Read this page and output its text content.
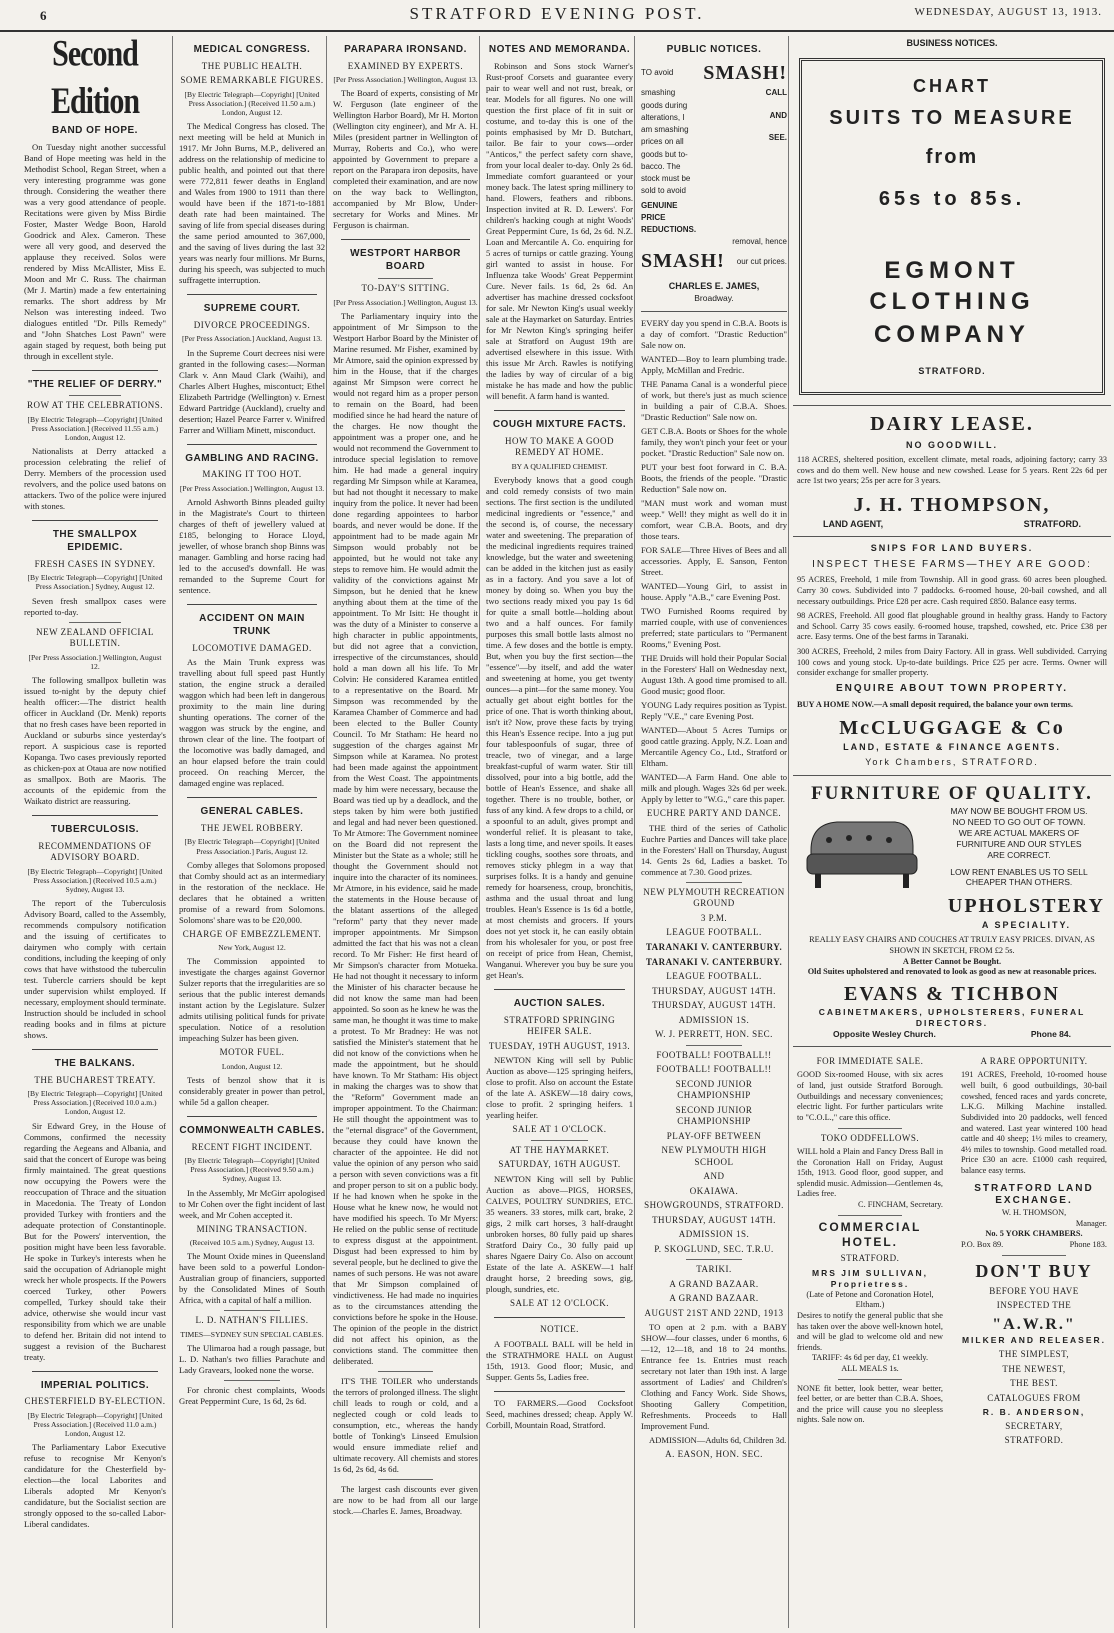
6	STRATFORD EVENING POST.	WEDNESDAY, AUGUST 13, 1913.
Second Edition
BAND OF HOPE.

On Tuesday night another successful Band of Hope meeting was held in the Methodist School, Regan Street, when a very interesting programme was gone through. Considering the weather there was a very good attendance of people. Recitations were given by Miss Birdie Foster, Master Wedge Boon, Harold Goodrick and Alex. Cameron. These were all very good, and deserved the applause they received. Solos were rendered by Miss McAllister, Miss E. Moon and Mr C. Russ. The chairman (Mr J. Martin) made a few entertaining remarks. The short address by Mr Nelson was interesting indeed. Two dialogues entitled "Dr. Pills Remedy" and "John Shatches Lost Pawn" were again staged by request, both being put through in excellent style.

"THE RELIEF OF DERRY."
ROW AT THE CELEBRATIONS.
[By Electric Telegraph—Copyright] [United Press Association.] (Received 11.55 a.m.) London, August 12.

Nationalists at Derry attacked a procession celebrating the relief of Derry. Members of the procession used revolvers, and the police used batons on attackers. Two of the police were injured with stones.

THE SMALLPOX EPIDEMIC.
FRESH CASES IN SYDNEY.
[By Electric Telegraph—Copyright] [United Press Association.] Sydney, August 12.

Seven fresh smallpox cases were reported to-day.

NEW ZEALAND OFFICIAL BULLETIN.
[Per Press Association.] Wellington, August 12.

The following smallpox bulletin was issued to-night by the deputy chief health officer:—The district health officer in Auckland (Dr. Menk) reports that no fresh cases have been reported in Auckland or suburbs since yesterday's report. A suspicious case is reported Kopanga. Two cases previously reported as chicken-pox at Otaua are now notified as smallpox. Both are Maoris. The accounts of the epidemic from the Waikato district are reassuring.

TUBERCULOSIS.
RECOMMENDATIONS OF ADVISORY BOARD.
[By Electric Telegraph—Copyright] [United Press Association.] (Received 10.5 a.m.) Sydney, August 13.

The report of the Tuberculosis Advisory Board, called to the Assembly, recommends compulsory notification and the issuing of certificates to dairymen who comply with certain conditions, including the keeping of only cows that have withstood the tuberculin test. Tubercle carriers should be kept under supervision whilst employed. If necessary, employment should terminate. Instruction should be included in school reading books and in films at picture shows.

THE BALKANS.
THE BUCHAREST TREATY.
[By Electric Telegraph—Copyright] [United Press Association.] (Received 10.0 a.m.) London, August 12.

Sir Edward Grey, in the House of Commons, confirmed the necessity regarding the Aegeans and Albania, and said that the concert of Europe was being firmly maintained. The great questions now occupying the Powers were the reoccupation of Thrace and the situation in Macedonia. The Treaty of London provided Turkey with frontiers and the adequate protection of Constantinople. But for the Powers' intervention, the position might have been less favorable. He spoke in Turkey's interests when he said the occupation of Adrianople might wreck her whole prospects. If the Powers coerced Turkey, other Powers compelled, Turkey should take their advice, otherwise she would incur vast responsibility from which we are unable to defend her. Britain did not intend to suggest a revision of the Bucharest treaty.

IMPERIAL POLITICS.
CHESTERFIELD BY-ELECTION.
[By Electric Telegraph—Copyright] [United Press Association.] (Received 11.0 a.m.) London, August 12.

The Parliamentary Labor Executive refuse to recognise Mr Kenyon's candidature for the Chesterfield by-election—the local Laborites and Liberals adopted Mr Kenyon's candidature, but the Socialist section are strongly opposed to the so-called Labor-Liberal candidates.

MEDICAL CONGRESS.
THE PUBLIC HEALTH.
SOME REMARKABLE FIGURES.
[By Electric Telegraph—Copyright] [United Press Association.] (Received 11.50 a.m.) London, August 12.

The Medical Congress has closed. The next meeting will be held at Munich in 1917. Mr John Burns, M.P., delivered an address on the relationship of medicine to public health, and pointed out that there were 772,811 fewer deaths in England and Wales from 1900 to 1911 than there would have been if the 1871-to-1881 death rate had been maintained. The saving of life from special diseases during the same period amounted to 367,000, and the saving of lives during the last 32 years was nearly four millions. Mr Burns, during his speech, was subjected to much suffragette interruption.

SUPREME COURT.
DIVORCE PROCEEDINGS.
[Per Press Association.] Auckland, August 13.

In the Supreme Court decrees nisi were granted in the following cases:—Norman Clark v. Ann Maud Clark (Waihi), and Charles Albert Hughes, miscontuct; Ethel Elizabeth Partridge (Wellington) v. Ernest Edward Partridge (Auckland), cruelty and desertion; Hazel Pearce Farrer v. Winifred Farrer and William Minett, misconduct.

GAMBLING AND RACING.
MAKING IT TOO HOT.
[Per Press Association.] Wellington, August 13.

Arnold Ashworth Binns pleaded guilty in the Magistrate's Court to thirteen charges of theft of jewellery valued at £185, belonging to Horace Lloyd, jeweller, of whose branch shop Binns was manager. Gambling and horse racing had led to the accused's downfall. He was remanded to the Supreme Court for sentence.

ACCIDENT ON MAIN TRUNK
LOCOMOTIVE DAMAGED.

As the Main Trunk express was travelling about full speed past Huntly station, the engine struck a derailed waggon which had been left in dangerous proximity to the main line during shunting operations. The corner of the waggon was struck by the engine, and thrown clear of the line. The footpart of the locomotive was badly damaged, and an hour elapsed before the train could proceed. On reaching Mercer, the damaged engine was replaced.

GENERAL CABLES.
THE JEWEL ROBBERY.
[By Electric Telegraph—Copyright] [United Press Association.] Paris, August 12.

Comby alleges that Solomons proposed that Comby should act as an intermediary in the restoration of the necklace. He declares that he obtained a written promise of a reward from Solomons. Solomons' share was to be £20,000.

CHARGE OF EMBEZZLEMENT.
New York, August 12.

The Commission appointed to investigate the charges against Governor Sulzer reports that the irregularities are so serious that the public interest demands instant action by the Legislature. Sulzer admits utilising political funds for private speculation. Notice of a resolution impeaching Sulzer has been given.

MOTOR FUEL.
London, August 12.

Tests of benzol show that it is considerably greater in power than petrol, while 5d a gallon cheaper.

COMMONWEALTH CABLES.
RECENT FIGHT INCIDENT.
[By Electric Telegraph—Copyright] [United Press Association.] (Received 9.50 a.m.) Sydney, August 13.

In the Assembly, Mr McGirr apologised to Mr Cohen over the fight incident of last week, and Mr Cohen accepted it.

MINING TRANSACTION.
(Received 10.5 a.m.) Sydney, August 13.

The Mount Oxide mines in Queensland have been sold to a powerful London-Australian group of financiers, supported by the Consolidated Mines of South Africa, with a capital of half a million.

L. D. NATHAN'S FILLIES.
TIMES—SYDNEY SUN SPECIAL CABLES.

The Ulimaroa had a rough passage, but L. D. Nathan's two fillies Parachute and Lady Gravears, looked none the worse.

For chronic chest complaints, Woods Great Peppermint Cure, 1s 6d, 2s 6d.

PARAPARA IRONSAND.
EXAMINED BY EXPERTS.
[Per Press Association.] Wellington, August 13.

The Board of experts, consisting of Mr W. Ferguson (late engineer of the Wellington Harbor Board), Mr H. Morton (Wellington city engineer), and Mr A. H. Miles (president partner in Wellington of Murray, Roberts and Co.), who were appointed by Government to prepare a report on the Parapara iron deposits, have completed their examination, and are now on the way back to Wellington, accompanied by Mr Blow, Under-secretary for Works and Mines. Mr Ferguson is chairman.

WESTPORT HARBOR BOARD
TO-DAY'S SITTING.
[Per Press Association.] Wellington, August 13.

The Parliamentary inquiry into the appointment of Mr Simpson to the Westport Harbor Board by the Minister of Marine resumed. Mr Fisher, examined by Mr Atmore, said the opinion expressed by him in the House, that if the charges against Mr Simpson were correct he would not regard him as a proper person to remain on the Board, had been modified since he had heard the nature of the charges. He now thought the appointment was a proper one, and he would not recommend the Government to introduce special legislation to remove him. He had made a general inquiry regarding Mr Simpson while at Karamea, but had not thought it necessary to make inquiry from the police. It never had been done regarding appointees to harbor boards, and never would be done. If the appointment had to be made again Mr Simpson would probably not be appointed, but he would not take any steps to remove him. He would admit the validity of the convictions against Mr Simpson, but he denied that he knew anything about them at the time of the appointment. To Mr Isitt: He thought it was the duty of a Minister to conserve a high character in public appointments, but did not agree that a conviction, irrespective of the circumstances, should hold a man down all his life. To Mr Colvin: He considered Karamea entitled to a representative on the Board. Mr Simpson was recommended by the Karamea Chamber of Commerce and had been elected to the Buller County Council. To Mr Statham: He heard no suggestion of the charges against Mr Simpson while at Karamea. No protest had been made against the appointment from the West Coast. The appointments made by him were necessary, because the Board was tied up by a deadlock, and the steps taken by him were both justified and legal and had never been questioned. To Mr Atmore: The Government nominee on the Board did not represent the Minister but the State as a whole; still he thought the Government should not inquire into the character of its nominees. Mr Atmore, in his evidence, said he made the statements in the House because of the blatant assertions of the alleged "reform" party that they never made improper appointments. Mr Simpson admitted the fact that his was not a clean record. To Mr Fisher: He first heard of Mr Simpson's character from Motueka. He had not thought it necessary to inform the Minister of his character because he did not know the same man had been appointed. So soon as he knew he was the same man, he thought it was time to make a protest. To Mr Bradney: He was not satisfied the Minister's statement that he did not know of the convictions when he made the appointment, but he should have known. To Mr Statham: His object in making the charges was to show that the "Reform" Government made an improper appointment. To the Chairman: He still thought the appointment was to the "eternal disgrace" of the Government, because they could have known the character of the appointee. He did not value the opinion of any person who said a person with seven convictions was a fit and proper person to sit on a public body. If he had known when he spoke in the House what he knew now, he would not have modified his speech. To Mr Myers: He relied on the public sense of rectitude to express disgust at the appointment. Disgust had been expressed to him by several people, but he declined to give the names of such persons. He was not aware that Mr Simpson complained of vindictiveness. He had made no inquiries as to the circumstances attending the convictions before he spoke in the House. The opinion of the people in the district did not affect his opinion, as the convictions stand. The committee then deliberated.

IT'S THE TOILER who understands the terrors of prolonged illness. The slight chill leads to rough or cold, and a neglected cough or cold leads to consumption, etc., whereas the handy bottle of Tonking's Linseed Emulsion would ensure immediate relief and ultimate recovery. All chemists and stores 1s 6d, 2s 6d, 4s 6d.

The largest cash discounts ever given are now to be had from all our large stock.—Charles E. James, Broadway.

NOTES AND MEMORANDA.

Robinson and Sons stock Warner's Rust-proof Corsets and guarantee every pair to wear well and not rust, break, or tear. Models for all figures. No one will question the first place of fit in suit or costume, and to-day this is one of the points emphasised by Mr D. Butchart, tailor. Be fair to your cows—order "Anticos," the perfect safety corn shave, from your local dealer to-day. Only 2s 6d. Immediate comfort guaranteed or your money back. The latest spring millinery to hand. Flowers, feathers and ribbons. Inspection invited at R. D. Lewers'. For children's hacking cough at night Woods' Great Peppermint Cure, 1s 6d, 2s 6d. N.Z. Loan and Mercantile A. Co. enquiring for 5 acres of turnips or cattle grazing. Young girl wanted to assist in house. For Influenza take Woods' Great Peppermint Cure. Never fails. 1s 6d, 2s 6d. An advertiser has machine dressed cocksfoot for sale. Mr Newton King's usual weekly sale at the Haymarket on Saturday. Entries for Mr Newton King's springing heifer sale at Stratford on August 19th are advertised elsewhere in this issue. With this issue Mr Arch. Rawles is notifying the ladies by way of circular of a big mistake he has made and how the public will benefit. A farm hand is wanted.

COUGH MIXTURE FACTS.
HOW TO MAKE A GOOD REMEDY AT HOME.
BY A QUALIFIED CHEMIST.

Everybody knows that a good cough and cold remedy consists of two main sections. The first section is the undiluted medicinal ingredients or "essence," and the second is, of course, the necessary water and sweetening. The preparation of the medicinal ingredients requires trained knowledge, but the water and sweetening can be added in the kitchen just as easily as in a factory. And you save a lot of money by doing so. When you buy the two sections ready mixed you pay 1s 6d for quite a small bottle—holding about two and a half ounces. For family purposes this small bottle lasts almost no time. A few doses and the bottle is empty. But, when you buy the first section—the "essence"—by itself, and add the water and sweetening at home, you get twenty ounces—a pint—for the same money. You actually get about eight bottles for the price of one. That is worth thinking about, isn't it? Now, prove these facts by trying this Hean's Essence recipe. Into a jug put four tablespoonfuls of sugar, three of treacle, two of vinegar, and a large breakfast-cupful of warm water. Stir till dissolved, pour into a big bottle, add the bottle of Hean's Essence, and shake all together. There is no trouble, bother, or fuss of any kind. A few drops to a child, or a spoonful to an adult, gives prompt and wonderful relief. It is pleasant to take, lasts a long time, and never spoils. It eases tickling coughs, soothes sore throats, and removes sticky phlegm in a way that surprises folks. It is a handy and genuine remedy for hoarseness, croup, bronchitis, asthma and the usual throat and lung troubles. Hean's Essence is 1s 6d a bottle, at most chemists and grocers. If yours does not yet stock it, he can easily obtain from his wholesaler for you, or post free on receipt of price from Hean, Chemist, Wanganui. Wherever you buy be sure you get Hean's.

AUCTION SALES.
STRATFORD SPRINGING HEIFER SALE.
TUESDAY, 19TH AUGUST, 1913.

NEWTON King will sell by Public Auction as above—125 springing heifers, close to profit. Also on account the Estate of the late A. ASKEW—18 dairy cows, close to profit. 2 springing heifers. 1 yearling heifer.

SALE AT 1 O'CLOCK.
AT THE HAYMARKET.
SATURDAY, 16TH AUGUST.

NEWTON King will sell by Public Auction as above—PIGS, HORSES, CALVES, POULTRY SUNDRIES, ETC. 35 weaners. 33 stores, milk cart, brake, 2 gigs, 2 milk cart horses, 3 half-draught unbroken horses, 80 fully paid up shares Stratford Dairy Co., 30 fully paid up shares Ngaere Dairy Co. Also on account Estate of the late A. ASKEW—1 half draught horse, 2 breeding sows, gig, plough, sundries, etc.

SALE AT 12 O'CLOCK.
NOTICE.

A FOOTBALL BALL will be held in the STRATHMORE HALL on August 15th, 1913. Good floor; Music, and Supper. Gents 5s, Ladies free.

TO FARMERS.—Good Cocksfoot Seed, machines dressed; cheap. Apply W. Corbill, Mountain Road, Stratford.

PUBLIC NOTICES.
TO avoid SMASH!
smashing
goods during
alterations, I
am smashing
prices on all
goods but to-
bacco. The
stock must be
sold to avoid
CALL
AND
SEE.
GENUINE
PRICE
REDUCTIONS.
removal, hence
SMASH! our cut prices.
CHARLES E. JAMES,
Broadway.

EVERY day you spend in C.B.A. Boots is a day of comfort. "Drastic Reduction" Sale now on.

WANTED—Boy to learn plumbing trade. Apply, McMillan and Fredric.

THE Panama Canal is a wonderful piece of work, but there's just as much science in building a pair of C.B.A. Shoes. "Drastic Reduction" Sale now on.

GET C.B.A. Boots or Shoes for the whole family, they won't pinch your feet or your pocket. "Drastic Reduction" Sale now on.

PUT your best foot forward in C. B.A. Boots, the friends of the people. "Drastic Reduction" Sale now on.

"MAN must work and woman must weep." Well! they might as well do it in comfort, wear C.B.A. Boots, and dry those tears.

FOR SALE—Three Hives of Bees and all accessories. Apply, E. Sanson, Fenton Street.

WANTED—Young Girl, to assist in house. Apply "A.B.," care Evening Post.

TWO Furnished Rooms required by married couple, with use of conveniences preferred; state particulars to "Permanent Rooms," Evening Post.

THE Druids will hold their Popular Social in the Foresters' Hall on Wednesday next, August 13th. A good time promised to all. Good music; good floor.

YOUNG Lady requires position as Typist. Reply "V.E.," care Evening Post.

WANTED—About 5 Acres Turnips or good cattle grazing. Apply, N.Z. Loan and Mercantile Agency Co., Ltd., Stratford or Eltham.

WANTED—A Farm Hand. One able to milk and plough. Wages 32s 6d per week. Apply by letter to "W.G.," care this paper.

EUCHRE PARTY AND DANCE.

THE third of the series of Catholic Euchre Parties and Dances will take place in the Foresters' Hall on Thursday, August 14. Gents 2s 6d, Ladies a basket. To commence at 7.30. Good prizes.

NEW PLYMOUTH RECREATION GROUND
3 P.M.
LEAGUE FOOTBALL.
TARANAKI V. CANTERBURY.
TARANAKI V. CANTERBURY.
LEAGUE FOOTBALL.
THURSDAY, AUGUST 14TH.
THURSDAY, AUGUST 14TH.
ADMISSION 1S.
W. J. PERRETT, HON. SEC.
FOOTBALL! FOOTBALL!!
FOOTBALL! FOOTBALL!!
SECOND JUNIOR CHAMPIONSHIP
SECOND JUNIOR CHAMPIONSHIP
PLAY-OFF BETWEEN
NEW PLYMOUTH HIGH SCHOOL
AND
OKAIAWA.
SHOWGROUNDS, STRATFORD.
THURSDAY, AUGUST 14TH.
ADMISSION 1S.
P. SKOGLUND, SEC. T.R.U.
TARIKI.
A GRAND BAZAAR.
A GRAND BAZAAR.
AUGUST 21ST AND 22ND, 1913

TO open at 2 p.m. with a BABY SHOW—four classes, under 6 months, 6—12, 12—18, and 18 to 24 months. Entrance fee 1s. Entries must reach secretary not later than 19th inst. A large assortment of Ladies' and Children's Clothing and Fancy Work. Side Shows, Shooting Gallery Competition, Refreshments. Proceeds to Hall Improvement Fund.

ADMISSION—Adults 6d, Children 3d.

A. EASON, HON. SEC.
BUSINESS NOTICES.
CHART
SUITS TO MEASURE
from
65s to 85s.
EGMONT CLOTHING
COMPANY
STRATFORD.
DAIRY LEASE.
NO GOODWILL.
118 ACRES, sheltered position, excellent climate, metal roads, adjoining factory; carry 33 cows and do them well. New house and new cowshed. Lease for 5 years. Rent 22s 6d per acre 1st two years; 25s per acre for 3 years.
J. H. THOMPSON,
LAND AGENT,	STRATFORD.
SNIPS FOR LAND BUYERS.
INSPECT THESE FARMS—THEY ARE GOOD:
95 ACRES, Freehold, 1 mile from Township. All in good grass. 60 acres been ploughed. Carry 30 cows. Subdivided into 7 paddocks. 6-roomed house, 20-bail cowshed, and all necessary outbuildings. Price £28 per acre. Cash required £850. Balance easy terms.
98 ACRES, Freehold. All good flat ploughable ground in healthy grass. Handy to Factory and School. Carry 35 cows easily. 6-roomed house, trapshed, cowshed, etc. Price £38 per acre. Easy terms. One of the best farms in Taranaki.
300 ACRES, Freehold, 2 miles from Dairy Factory. All in grass. Well subdivided. Carrying 100 cows and young stock. Up-to-date buildings. Price £25 per acre. Terms. Owner will consider exchange for smaller property.
ENQUIRE ABOUT TOWN PROPERTY.
BUY A HOME NOW.—A small deposit required, the balance your own terms.
McCLUGGAGE & Co
LAND, ESTATE & FINANCE AGENTS.
York Chambers, STRATFORD.
FURNITURE OF QUALITY.
MAY NOW BE BOUGHT FROM US.
NO NEED TO GO OUT OF TOWN.
WE ARE ACTUAL MAKERS OF
FURNITURE AND OUR STYLES
ARE CORRECT.
LOW RENT ENABLES US TO SELL
CHEAPER THAN OTHERS.
UPHOLSTERY
A SPECIALITY.
REALLY EASY CHAIRS AND COUCHES AT TRULY EASY PRICES. DIVAN, AS SHOWN IN SKETCH, FROM £2 5s.
A Better Cannot be Bought.
Old Suites upholstered and renovated to look as good as new at reasonable prices.
EVANS & TICHBON
CABINETMAKERS, UPHOLSTERERS, FUNERAL DIRECTORS.
Opposite Wesley Church.	Phone 84.
FOR IMMEDIATE SALE.
GOOD Six-roomed House, with six acres of land, just outside Stratford Borough. Outbuildings and necessary conveniences; electric light. For further particulars write to "C.O.L.," care this office.
TOKO ODDFELLOWS.
WILL hold a Plain and Fancy Dress Ball in the Coronation Hall on Friday, August 15th, 1913. Good floor, good supper, and splendid music. Admission—Gentlemen 4s, Ladies free.
C. FINCHAM, Secretary.
COMMERCIAL HOTEL.
STRATFORD.
MRS JIM SULLIVAN, Proprietress.
(Late of Petone and Coronation Hotel, Eltham.)
Desires to notify the general public that she has taken over the above well-known hotel, and will be glad to welcome old and new friends.
TARIFF: 4s 6d per day, £1 weekly.
ALL MEALS 1s.
NONE fit better, look better, wear better, feel better, or are better than C.B.A. Shoes, and the price will cause you no sleepless nights. Sale now on.
A RARE OPPORTUNITY.
191 ACRES, Freehold, 10-roomed house well built, 6 good outbuildings, 30-bail cowshed, fenced races and yards concrete, L.K.G. Milking Machine installed. Subdivided into 20 paddocks, well fenced and watered. Last year wintered 100 head cattle and 40 sheep; 1½ miles to creamery, 4½ miles to township. Good metalled road. Price £30 an acre. £1000 cash required, balance easy terms.
STRATFORD LAND EXCHANGE.
W. H. THOMSON,
Manager.
No. 5 YORK CHAMBERS.
P.O. Box 89.	Phone 183.
DON'T BUY
BEFORE YOU HAVE
INSPECTED THE
"A.W.R."
MILKER AND RELEASER.
THE SIMPLEST,
THE NEWEST,
THE BEST.
CATALOGUES FROM
R. B. ANDERSON,
SECRETARY,
STRATFORD.
